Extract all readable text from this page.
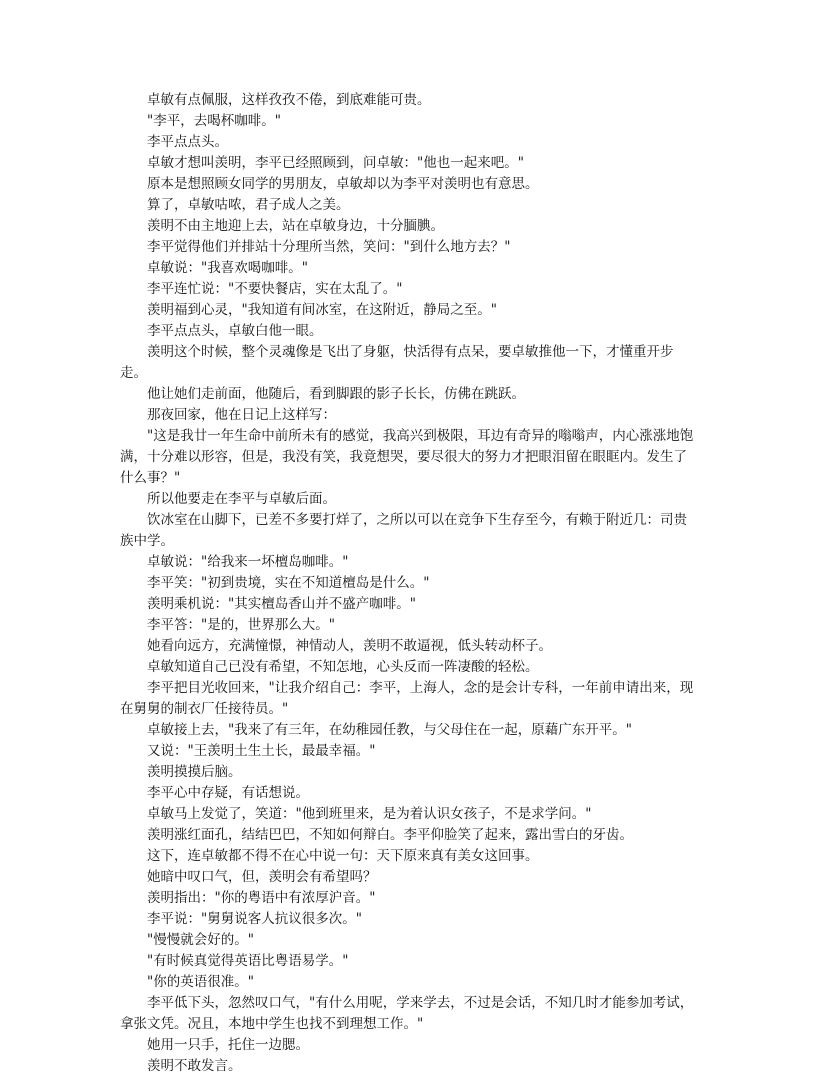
卓敏有点佩服，这样孜孜不倦，到底难能可贵。

"李平，去喝杯咖啡。"

李平点点头。

卓敏才想叫羡明，李平已经照顾到，问卓敏："他也一起来吧。"

原本是想照顾女同学的男朋友，卓敏却以为李平对羡明也有意思。

算了，卓敏咕哝，君子成人之美。

羡明不由主地迎上去，站在卓敏身边，十分腼腆。

李平觉得他们并排站十分理所当然，笑问："到什么地方去？"

卓敏说："我喜欢喝咖啡。"

李平连忙说："不要快餐店，实在太乱了。"

羡明福到心灵，"我知道有间冰室，在这附近，静局之至。"

李平点点头，卓敏白他一眼。

羡明这个时候，整个灵魂像是飞出了身躯，快活得有点呆，要卓敏推他一下，才懂重开步走。

他让她们走前面，他随后，看到脚跟的影子长长，仿佛在跳跃。

那夜回家，他在日记上这样写：

"这是我廿一年生命中前所未有的感觉，我高兴到极限，耳边有奇异的嗡嗡声，内心涨涨地饱满，十分难以形容，但是，我没有笑，我竟想哭，要尽很大的努力才把眼泪留在眼眶内。发生了什么事？"

所以他要走在李平与卓敏后面。

饮冰室在山脚下，已差不多要打烊了，之所以可以在竞争下生存至今，有赖于附近几：司贵族中学。

卓敏说："给我来一坏檀岛咖啡。"

李平笑："初到贵境，实在不知道檀岛是什么。"

羡明乘机说："其实檀岛香山并不盛产咖啡。"

李平答："是的，世界那么大。"

她看向远方，充满憧憬，神情动人，羡明不敢逼视，低头转动杯子。

卓敏知道自己已没有希望，不知怎地，心头反而一阵凄酸的轻松。

李平把目光收回来，"让我介绍自己：李平，上海人，念的是会计专科，一年前申请出来，现在舅舅的制衣厂任接待员。"

卓敏接上去，"我来了有三年，在幼稚园任教，与父母住在一起，原藉广东开平。"

又说："王羡明土生土长，最最幸福。"

羡明摸摸后脑。

李平心中存疑，有话想说。

卓敏马上发觉了，笑道："他到班里来，是为着认识女孩子，不是求学问。"

羡明涨红面孔，结结巴巴，不知如何辩白。李平仰脸笑了起来，露出雪白的牙齿。

这下，连卓敏都不得不在心中说一句：天下原来真有美女这回事。

她暗中叹口气，但，羡明会有希望吗？

羡明指出："你的粤语中有浓厚沪音。"

李平说："舅舅说客人抗议很多次。"

"慢慢就会好的。"

"有时候真觉得英语比粤语易学。"

"你的英语很准。"

李平低下头，忽然叹口气，"有什么用呢，学来学去，不过是会话，不知几时才能参加考试，拿张文凭。况且，本地中学生也找不到理想工作。"

她用一只手，托住一边腮。

羡明不敢发言。
